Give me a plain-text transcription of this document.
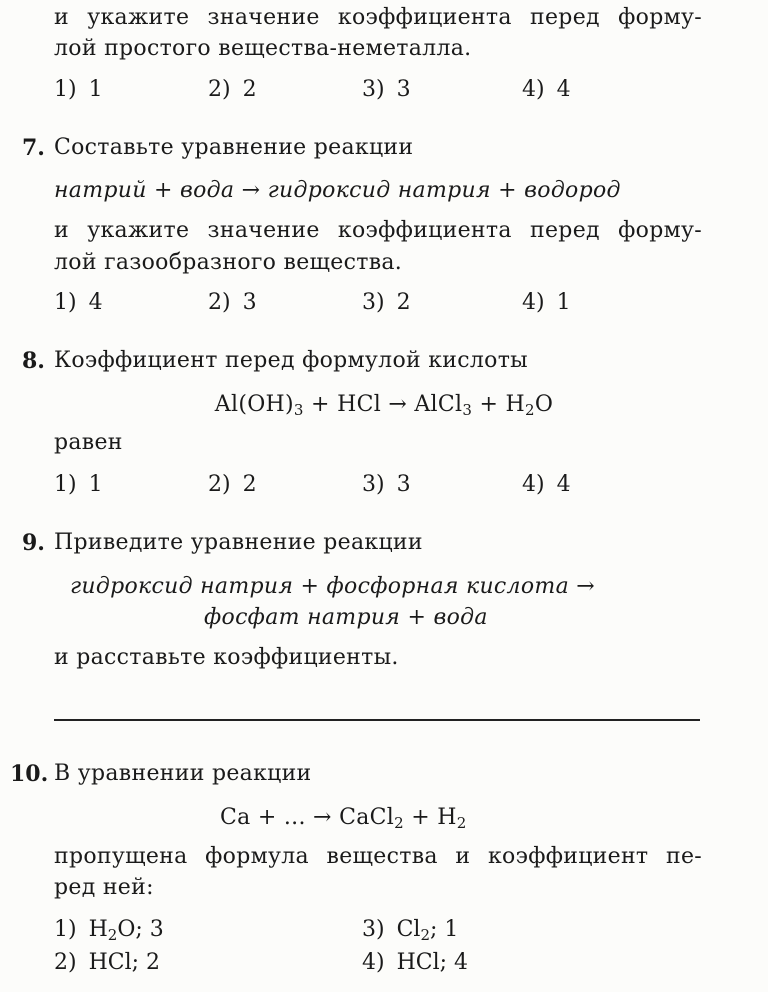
и укажите значение коэффициента перед форму-
лой простого вещества-неметалла.
1) 1	2) 2	3) 3	4) 4
7. Составьте уравнение реакции
натрий + вода → гидроксид натрия + водород
и укажите значение коэффициента перед форму-
лой газообразного вещества.
1) 4	2) 3	3) 2	4) 1
8. Коэффициент перед формулой кислоты
$Al(OH)_3$ + HCl → AlCl$_3$ + $H_2O$
равен
1) 1	2) 2	3) 3	4) 4
9. Приведите уравнение реакции
гидроксид натрия + фосфорная кислота →
фосфат натрия + вода
и расставьте коэффициенты.
10. В уравнении реакции
Ca + ... → CaCl$_2$ + $H_2$
пропущена формула вещества и коэффициент пе-
ред ней:
1) $H_2O$; 3	3) $Cl_2$; 1
2) HCl; 2	4) HCl; 4
